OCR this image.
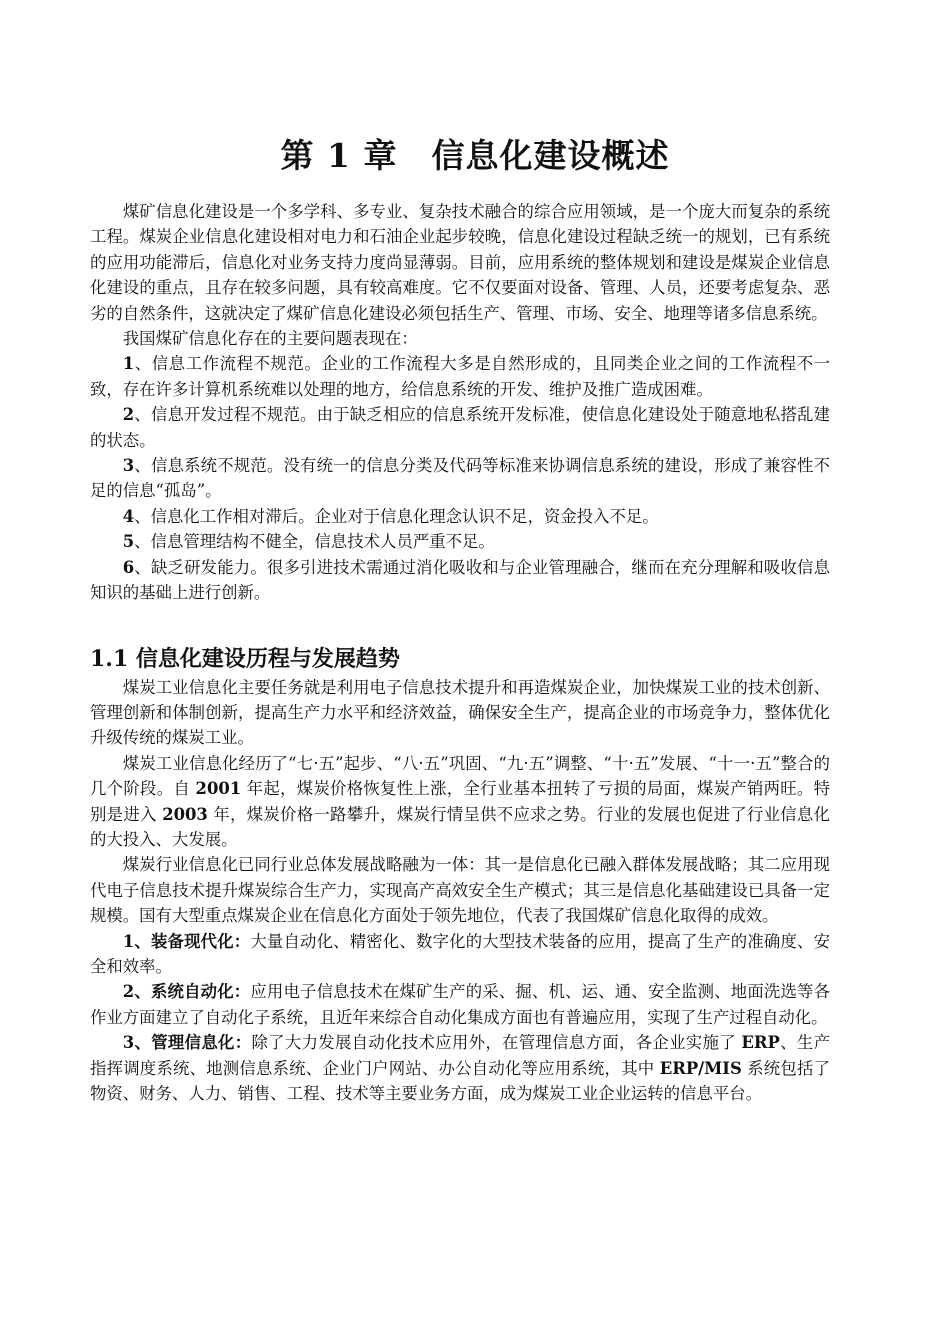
第 1 章　信息化建设概述

煤矿信息化建设是一个多学科、多专业、复杂技术融合的综合应用领域，是一个庞大而复杂的系统工程。煤炭企业信息化建设相对电力和石油企业起步较晚，信息化建设过程缺乏统一的规划，已有系统的应用功能滞后，信息化对业务支持力度尚显薄弱。目前，应用系统的整体规划和建设是煤炭企业信息化建设的重点，且存在较多问题，具有较高难度。它不仅要面对设备、管理、人员，还要考虑复杂、恶劣的自然条件，这就决定了煤矿信息化建设必须包括生产、管理、市场、安全、地理等诸多信息系统。

我国煤矿信息化存在的主要问题表现在：

1、信息工作流程不规范。企业的工作流程大多是自然形成的，且同类企业之间的工作流程不一致，存在许多计算机系统难以处理的地方，给信息系统的开发、维护及推广造成困难。

2、信息开发过程不规范。由于缺乏相应的信息系统开发标准，使信息化建设处于随意地私搭乱建的状态。

3、信息系统不规范。没有统一的信息分类及代码等标准来协调信息系统的建设，形成了兼容性不足的信息“孤岛”。

4、信息化工作相对滞后。企业对于信息化理念认识不足，资金投入不足。

5、信息管理结构不健全，信息技术人员严重不足。

6、缺乏研发能力。很多引进技术需通过消化吸收和与企业管理融合，继而在充分理解和吸收信息知识的基础上进行创新。

1.1 信息化建设历程与发展趋势

煤炭工业信息化主要任务就是利用电子信息技术提升和再造煤炭企业，加快煤炭工业的技术创新、管理创新和体制创新，提高生产力水平和经济效益，确保安全生产，提高企业的市场竞争力，整体优化升级传统的煤炭工业。

煤炭工业信息化经历了“七·五”起步、“八·五”巩固、“九·五”调整、“十·五”发展、“十一·五”整合的几个阶段。自 2001 年起，煤炭价格恢复性上涨，全行业基本扭转了亏损的局面，煤炭产销两旺。特别是进入 2003 年，煤炭价格一路攀升，煤炭行情呈供不应求之势。行业的发展也促进了行业信息化的大投入、大发展。

煤炭行业信息化已同行业总体发展战略融为一体：其一是信息化已融入群体发展战略；其二应用现代电子信息技术提升煤炭综合生产力，实现高产高效安全生产模式；其三是信息化基础建设已具备一定规模。国有大型重点煤炭企业在信息化方面处于领先地位，代表了我国煤矿信息化取得的成效。

1、装备现代化：大量自动化、精密化、数字化的大型技术装备的应用，提高了生产的准确度、安全和效率。

2、系统自动化：应用电子信息技术在煤矿生产的采、掘、机、运、通、安全监测、地面洗选等各作业方面建立了自动化子系统，且近年来综合自动化集成方面也有普遍应用，实现了生产过程自动化。

3、管理信息化：除了大力发展自动化技术应用外，在管理信息方面，各企业实施了 ERP、生产指挥调度系统、地测信息系统、企业门户网站、办公自动化等应用系统，其中 ERP/MIS 系统包括了物资、财务、人力、销售、工程、技术等主要业务方面，成为煤炭工业企业运转的信息平台。
